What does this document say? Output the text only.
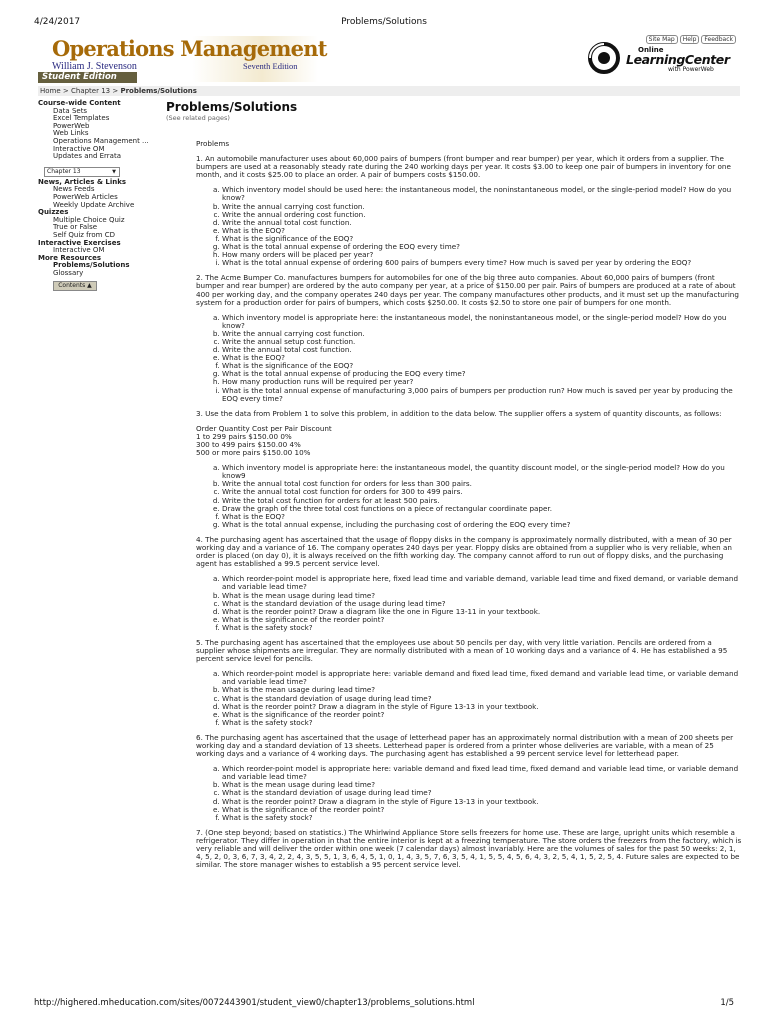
4/24/2017	Problems/Solutions
Operations Management
William J. Stevenson	Seventh Edition
Student Edition
Site Map Help Feedback
Online
LearningCenter
with PowerWeb
Home > Chapter 13 > Problems/Solutions
Course-wide Content
Data Sets
Excel Templates
PowerWeb
Web Links
Operations Management ...
Interactive OM
Updates and Errata
Chapter 13	▼
News, Articles & Links
News Feeds
PowerWeb Articles
Weekly Update Archive
Quizzes
Multiple Choice Quiz
True or False
Self Quiz from CD
Interactive Exercises
Interactive OM
More Resources
Problems/Solutions
Glossary
Contents ▲
Problems/Solutions
(See related pages)

Problems

1. An automobile manufacturer uses about 60,000 pairs of bumpers (front bumper and rear bumper) per year, which it orders from a supplier. The bumpers are used at a reasonably steady rate during the 240 working days per year. It costs $3.00 to keep one pair of bumpers in inventory for one month, and it costs $25.00 to place an order. A pair of bumpers costs $150.00.

a. Which inventory model should be used here: the instantaneous model, the noninstantaneous model, or the single-period model? How do you know?
b. Write the annual carrying cost function.
c. Write the annual ordering cost function.
d. Write the annual total cost function.
e. What is the EOQ?
f. What is the significance of the EOQ?
g. What is the total annual expense of ordering the EOQ every time?
h. How many orders will be placed per year?
i. What is the total annual expense of ordering 600 pairs of bumpers every time? How much is saved per year by ordering the EOQ?

2. The Acme Bumper Co. manufactures bumpers for automobiles for one of the big three auto companies. About 60,000 pairs of bumpers (front bumper and rear bumper) are ordered by the auto company per year, at a price of $150.00 per pair. Pairs of bumpers are produced at a rate of about 400 per working day, and the company operates 240 days per year. The company manufactures other products, and it must set up the manufacturing system for a production order for pairs of bumpers, which costs $250.00. It costs $2.50 to store one pair of bumpers for one month.

a. Which inventory model is appropriate here: the instantaneous model, the noninstantaneous model, or the single-period model? How do you know?
b. Write the annual carrying cost function.
c. Write the annual setup cost function.
d. Write the annual total cost function.
e. What is the EOQ?
f. What is the significance of the EOQ?
g. What is the total annual expense of producing the EOQ every time?
h. How many production runs will be required per year?
i. What is the total annual expense of manufacturing 3,000 pairs of bumpers per production run? How much is saved per year by producing the EOQ every time?

3. Use the data from Problem 1 to solve this problem, in addition to the data below. The supplier offers a system of quantity discounts, as follows:

Order Quantity Cost per Pair Discount
1 to 299 pairs $150.00 0%
300 to 499 pairs $150.00 4%
500 or more pairs $150.00 10%

a. Which inventory model is appropriate here: the instantaneous model, the quantity discount model, or the single-period model? How do you know9
b. Write the annual total cost function for orders for less than 300 pairs.
c. Write the annual total cost function for orders for 300 to 499 pairs.
d. Write the total cost function for orders for at least 500 pairs.
e. Draw the graph of the three total cost functions on a piece of rectangular coordinate paper.
f. What is the EOQ?
g. What is the total annual expense, including the purchasing cost of ordering the EOQ every time?

4. The purchasing agent has ascertained that the usage of floppy disks in the company is approximately normally distributed, with a mean of 30 per working day and a variance of 16. The company operates 240 days per year. Floppy disks are obtained from a supplier who is very reliable, when an order is placed (on day 0), it is always received on the fifth working day. The company cannot afford to run out of floppy disks, and the purchasing agent has established a 99.5 percent service level.

a. Which reorder-point model is appropriate here, fixed lead time and variable demand, variable lead time and fixed demand, or variable demand and variable lead time?
b. What is the mean usage during lead time?
c. What is the standard deviation of the usage during lead time?
d. What is the reorder point? Draw a diagram like the one in Figure 13-11 in your textbook.
e. What is the significance of the reorder point?
f. What is the safety stock?

5. The purchasing agent has ascertained that the employees use about 50 pencils per day, with very little variation. Pencils are ordered from a supplier whose shipments are irregular. They are normally distributed with a mean of 10 working days and a variance of 4. He has established a 95 percent service level for pencils.

a. Which reorder-point model is appropriate here: variable demand and fixed lead time, fixed demand and variable lead time, or variable demand and variable lead time?
b. What is the mean usage during lead time?
c. What is the standard deviation of usage during lead time?
d. What is the reorder point? Draw a diagram in the style of Figure 13-13 in your textbook.
e. What is the significance of the reorder point?
f. What is the safety stock?

6. The purchasing agent has ascertained that the usage of letterhead paper has an approximately normal distribution with a mean of 200 sheets per working day and a standard deviation of 13 sheets. Letterhead paper is ordered from a printer whose deliveries are variable, with a mean of 25 working days and a variance of 4 working days. The purchasing agent has established a 99 percent service level for letterhead paper.

a. Which reorder-point model is appropriate here: variable demand and fixed lead time, fixed demand and variable lead time, or variable demand and variable lead time?
b. What is the mean usage during lead time?
c. What is the standard deviation of usage during lead time?
d. What is the reorder point? Draw a diagram in the style of Figure 13-13 in your textbook.
e. What is the significance of the reorder point?
f. What is the safety stock?

7. (One step beyond; based on statistics.) The Whirlwind Appliance Store sells freezers for home use. These are large, upright units which resemble a refrigerator. They differ in operation in that the entire interior is kept at a freezing temperature. The store orders the freezers from the factory, which is very reliable and will deliver the order within one week (7 calendar days) almost invariably. Here are the volumes of sales for the past 50 weeks: 2, 1, 4, 5, 2, 0, 3, 6, 7, 3, 4, 2, 2, 4, 3, 5, 5, 1, 3, 6, 4, 5, 1, 0, 1, 4, 3, 5, 7, 6, 3, 5, 4, 1, 5, 5, 4, 5, 6, 4, 3, 2, 5, 4, 1, 5, 2, 5, 4. Future sales are expected to be similar. The store manager wishes to establish a 95 percent service level.

http://highered.mheducation.com/sites/0072443901/student_view0/chapter13/problems_solutions.html	1/5
